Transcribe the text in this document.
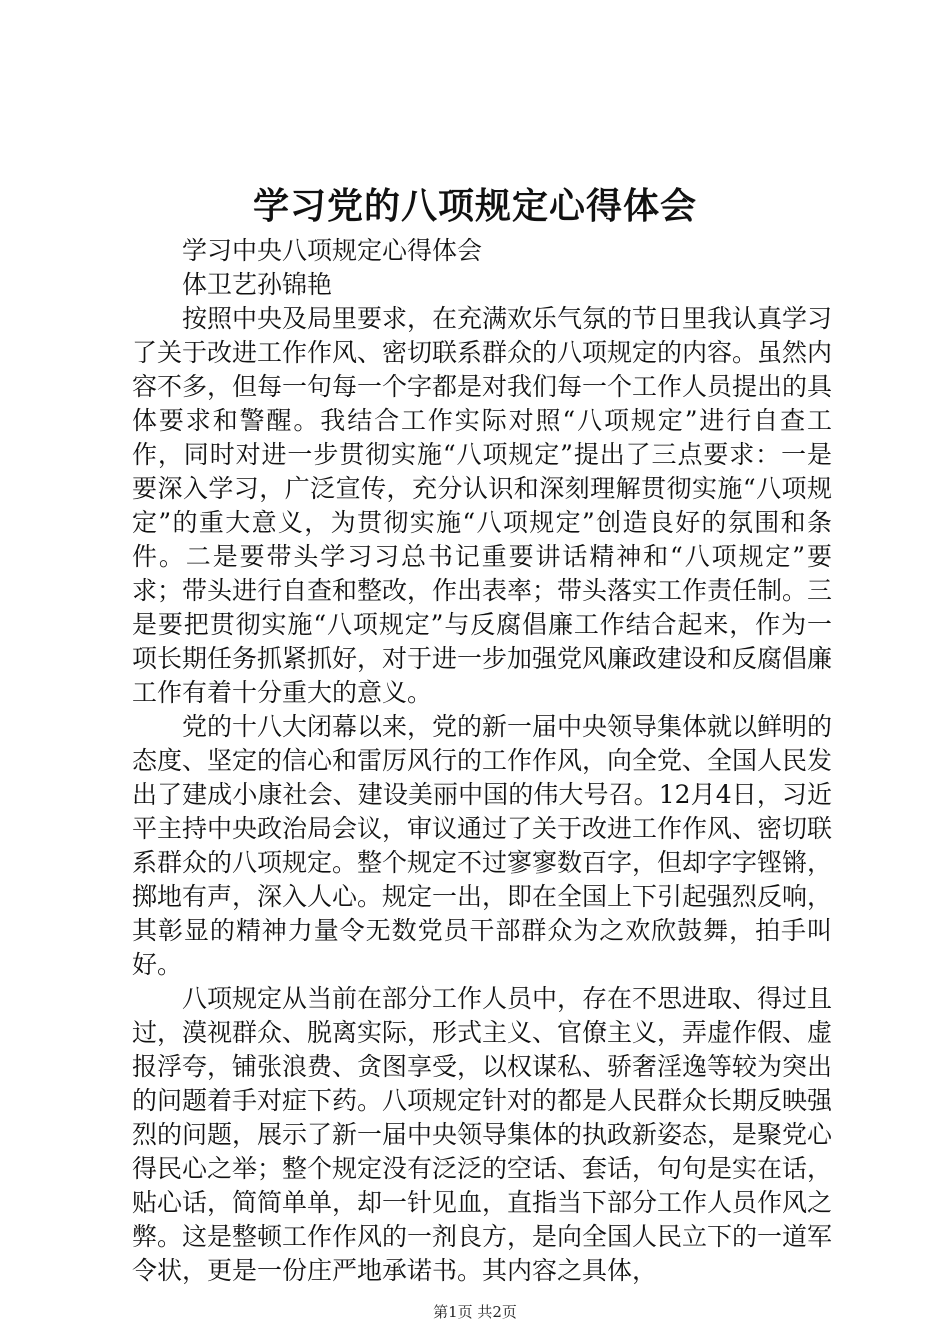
学习党的八项规定心得体会

学习中央八项规定心得体会

体卫艺孙锦艳

按照中央及局里要求，在充满欢乐气氛的节日里我认真学习了关于改进工作作风、密切联系群众的八项规定的内容。虽然内容不多，但每一句每一个字都是对我们每一个工作人员提出的具体要求和警醒。我结合工作实际对照“八项规定”进行自查工作，同时对进一步贯彻实施“八项规定”提出了三点要求：一是要深入学习，广泛宣传，充分认识和深刻理解贯彻实施“八项规定”的重大意义，为贯彻实施“八项规定”创造良好的氛围和条件。二是要带头学习习总书记重要讲话精神和“八项规定”要求；带头进行自查和整改，作出表率；带头落实工作责任制。三是要把贯彻实施“八项规定”与反腐倡廉工作结合起来，作为一项长期任务抓紧抓好，对于进一步加强党风廉政建设和反腐倡廉工作有着十分重大的意义。

党的十八大闭幕以来，党的新一届中央领导集体就以鲜明的态度、坚定的信心和雷厉风行的工作作风，向全党、全国人民发出了建成小康社会、建设美丽中国的伟大号召。12月4日，习近平主持中央政治局会议，审议通过了关于改进工作作风、密切联系群众的八项规定。整个规定不过寥寥数百字，但却字字铿锵，掷地有声，深入人心。规定一出，即在全国上下引起强烈反响，其彰显的精神力量令无数党员干部群众为之欢欣鼓舞，拍手叫好。

八项规定从当前在部分工作人员中，存在不思进取、得过且过，漠视群众、脱离实际，形式主义、官僚主义，弄虚作假、虚报浮夸，铺张浪费、贪图享受，以权谋私、骄奢淫逸等较为突出的问题着手对症下药。八项规定针对的都是人民群众长期反映强烈的问题，展示了新一届中央领导集体的执政新姿态，是聚党心得民心之举；整个规定没有泛泛的空话、套话，句句是实在话，贴心话，简简单单，却一针见血，直指当下部分工作人员作风之弊。这是整顿工作作风的一剂良方，是向全国人民立下的一道军令状，更是一份庄严地承诺书。其内容之具体，

第1页 共2页
